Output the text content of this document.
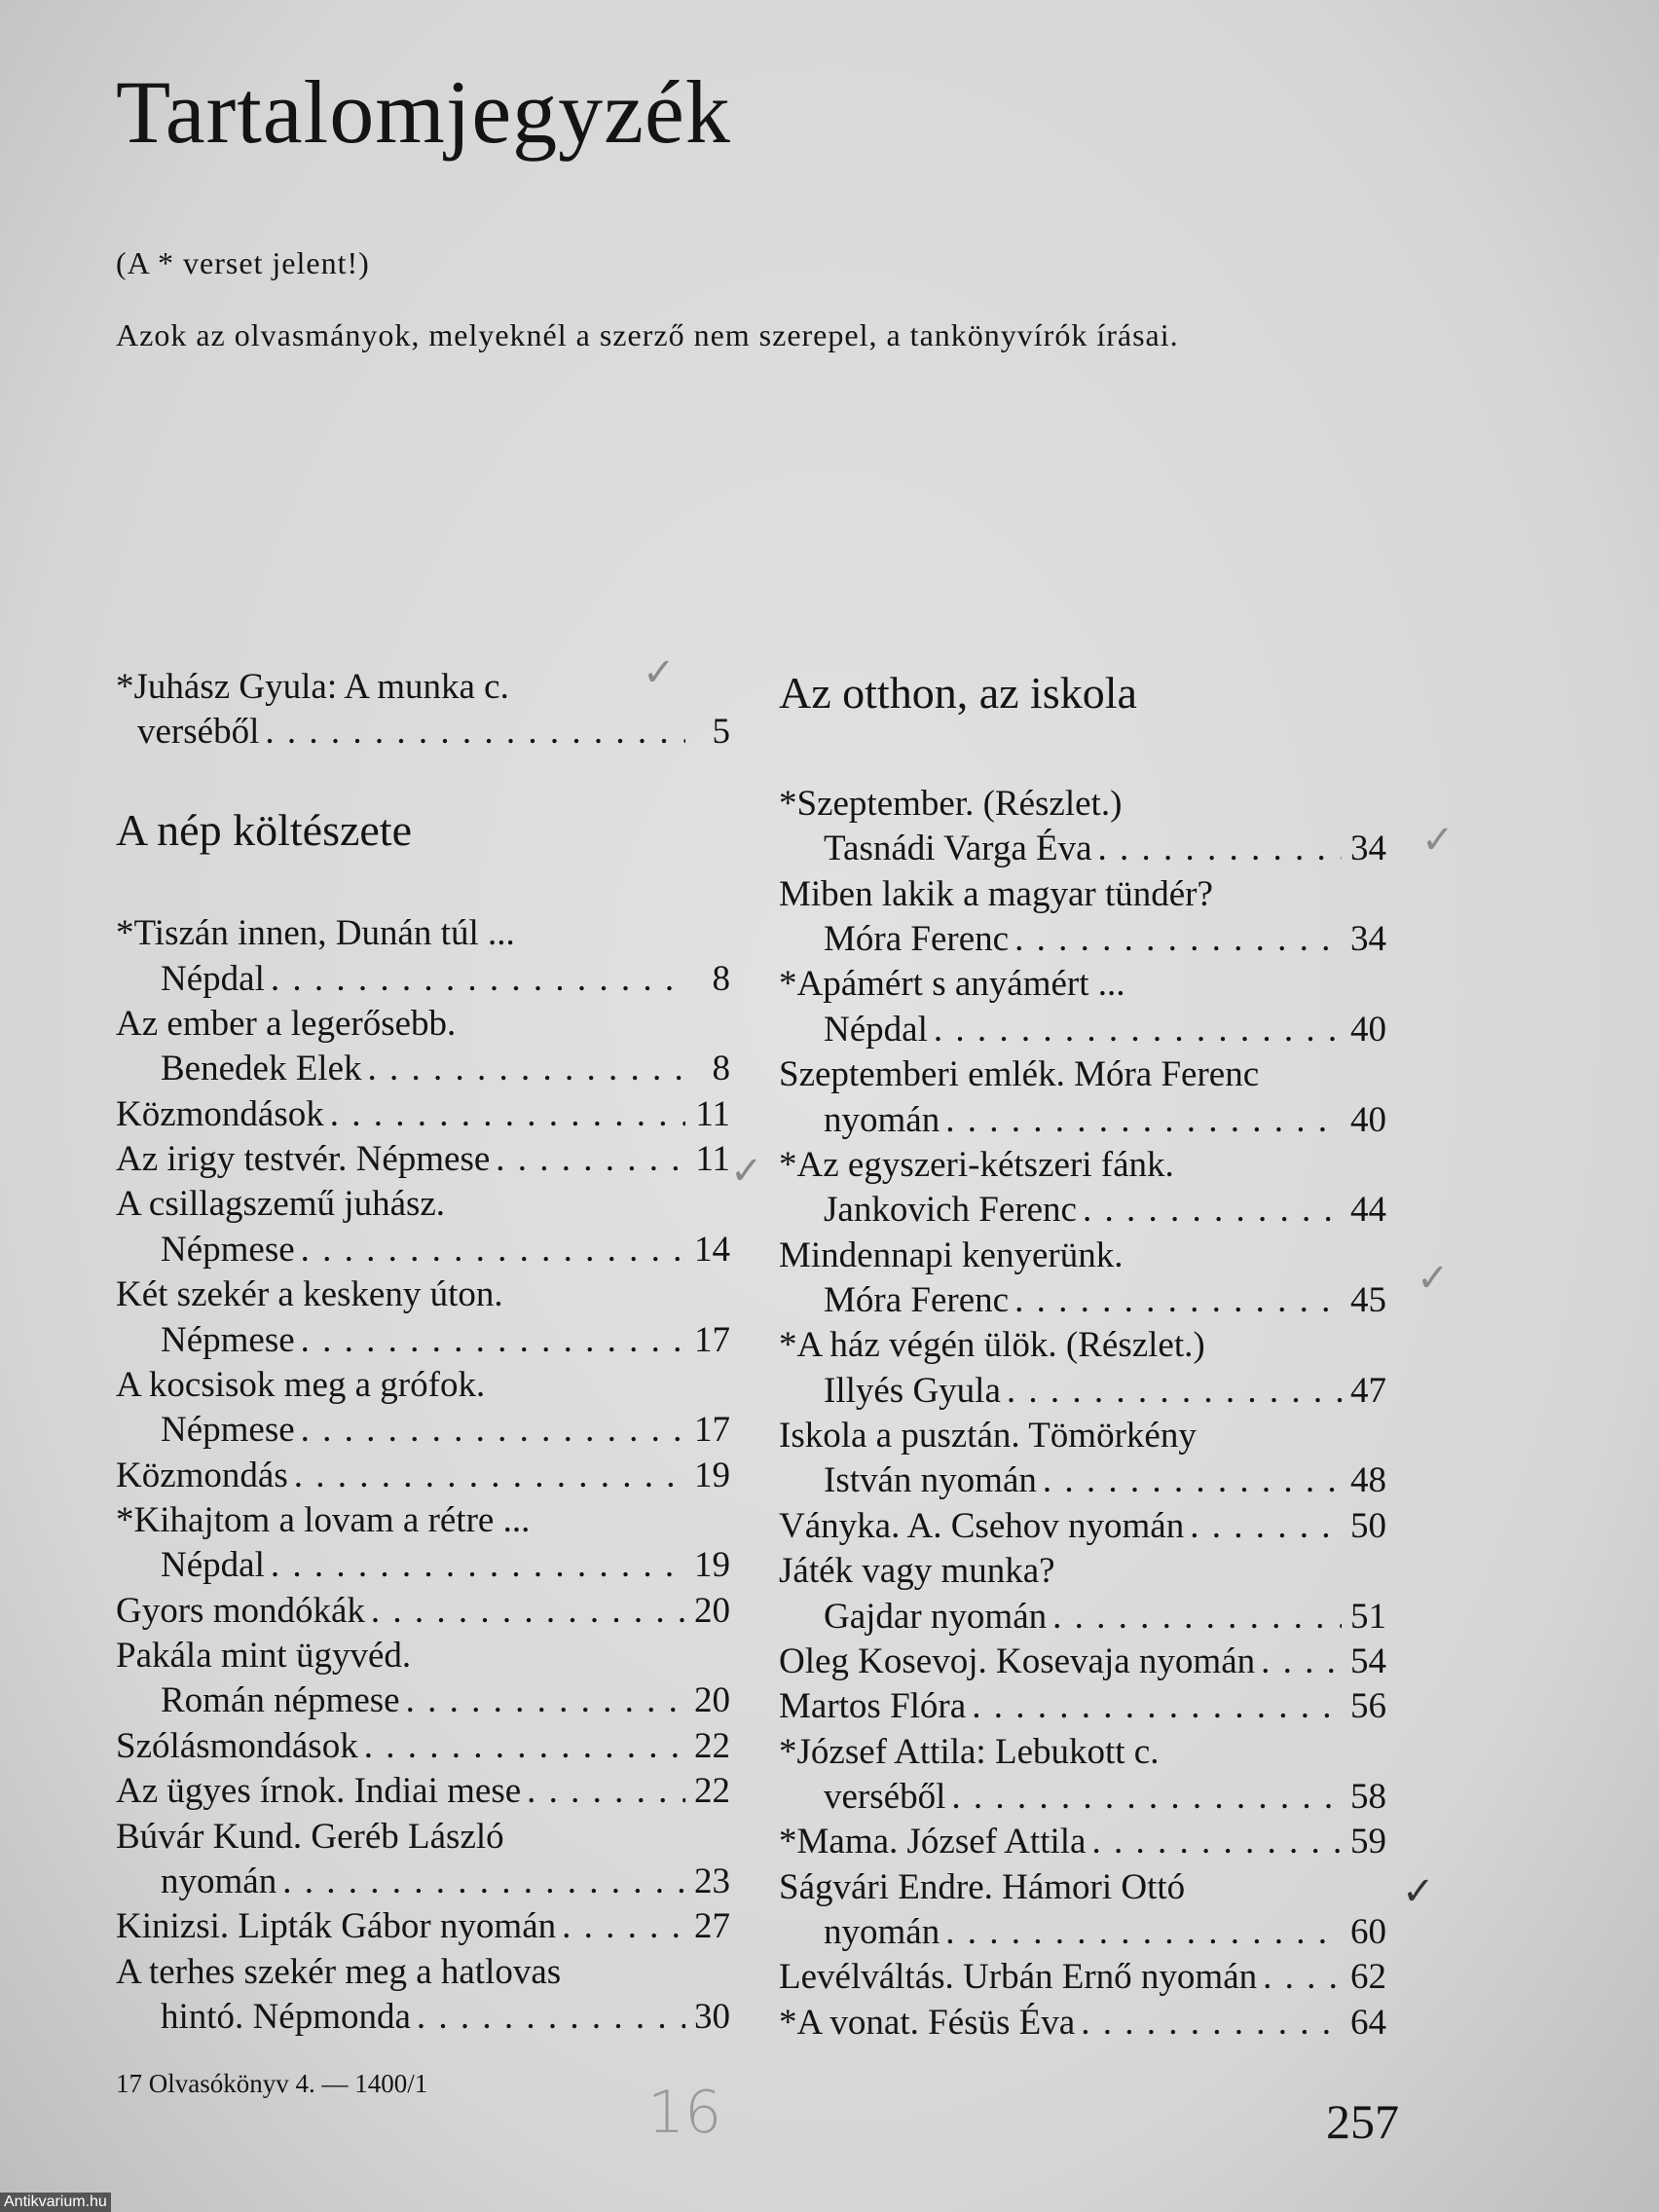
Tartalomjegyzék
(A * verset jelent!)
Azok az olvasmányok, melyeknél a szerző nem szerepel, a tankönyvírók írásai.
A nép költészete
Az otthon, az iskola
*Juhász Gyula: A munka c.
verséből . . .	5
*Tiszán innen, Dunán túl ...
Népdal . . .	8
Az ember a legerősebb.
Benedek Elek . . .	8
Közmondások . . .	11
Az irigy testvér. Népmese . . .	11
A csillagszemű juhász.
Népmese . . .	14
Két szekér a keskeny úton.
Népmese . . .	17
A kocsisok meg a grófok.
Népmese . . .	17
Közmondás . . .	19
*Kihajtom a lovam a rétre ...
Népdal . . .	19
Gyors mondókák . . .	20
Pakála mint ügyvéd.
Román népmese . . .	20
Szólásmondások . . .	22
Az ügyes írnok. Indiai mese . . .	22
Búvár Kund. Geréb László
nyomán . . .	23
Kinizsi. Lipták Gábor nyomán . . .	27
A terhes szekér meg a hatlovas
hintó. Népmonda . . .	30
*Szeptember. (Részlet.)
Tasnádi Varga Éva . . .	34
Miben lakik a magyar tündér?
Móra Ferenc . . .	34
*Apámért s anyámért ...
Népdal . . .	40
Szeptemberi emlék. Móra Ferenc
nyomán . . .	40
*Az egyszeri-kétszeri fánk.
Jankovich Ferenc . . .	44
Mindennapi kenyerünk.
Móra Ferenc . . .	45
*A ház végén ülök. (Részlet.)
Illyés Gyula . . .	47
Iskola a pusztán. Tömörkény
István nyomán . . .	48
Ványka. A. Csehov nyomán . . .	50
Játék vagy munka?
Gajdar nyomán . . .	51
Oleg Kosevoj. Kosevaja nyomán . . .	54
Martos Flóra . . .	56
*József Attila: Lebukott c.
verséből . . .	58
*Mama. József Attila . . .	59
Ságvári Endre. Hámori Ottó
nyomán . . .	60
Levélváltás. Urbán Ernő nyomán . . .	62
*A vonat. Fésüs Éva . . .	64
17 Olvasókönyv 4. — 1400/1	16	257
Antikvarium.hu
✓
✓
✓
✓
✓
